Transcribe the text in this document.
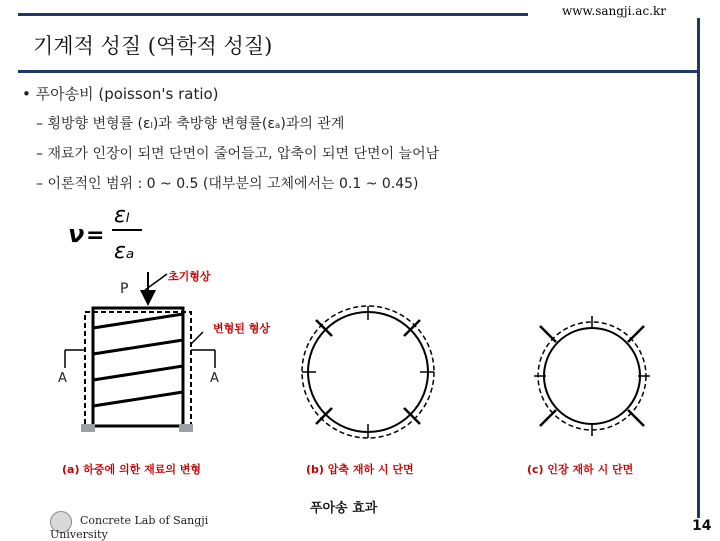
www.sangji.ac.kr
기계적 성질 (역학적 성질)
• 푸아송비 (poisson's ratio)
– 횡방향 변형률 (εₗ)과 축방향 변형률(εₐ)과의 관계
– 재료가 인장이 되면 단면이 줄어들고, 압축이 되면 단면이 늘어남
– 이론적인 범위 : 0 ~ 0.5 (대부분의 고체에서는 0.1 ~ 0.45)
ν =
εₗ
εₐ
P
초기형상
변형된 형상
A	A
(a) 하중에 의한 재료의 변형	(b) 압축 재하 시 단면	(c) 인장 재하 시 단면
푸아송 효과
Concrete Lab of Sangji
University
14
